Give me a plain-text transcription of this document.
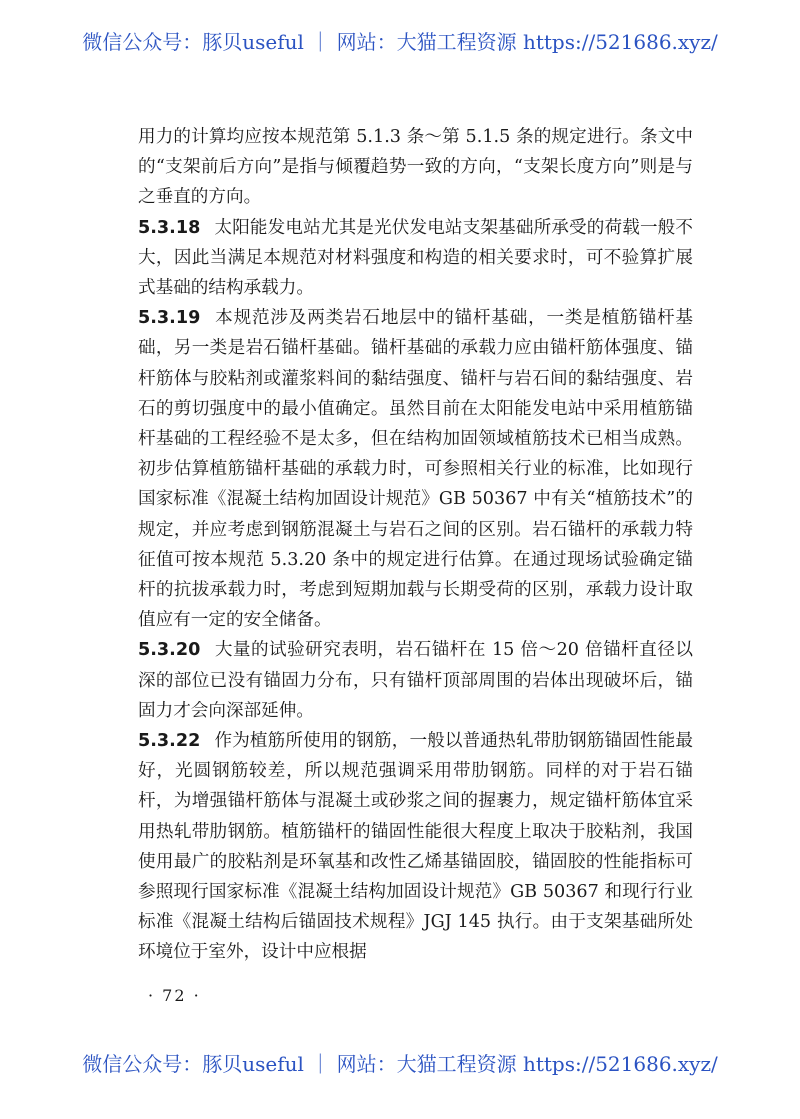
微信公众号：豚贝useful ｜ 网站：大猫工程资源 https://521686.xyz/

用力的计算均应按本规范第 5.1.3 条～第 5.1.5 条的规定进行。条文中的“支架前后方向”是指与倾覆趋势一致的方向，“支架长度方向”则是与之垂直的方向。

5.3.18 太阳能发电站尤其是光伏发电站支架基础所承受的荷载一般不大，因此当满足本规范对材料强度和构造的相关要求时，可不验算扩展式基础的结构承载力。

5.3.19 本规范涉及两类岩石地层中的锚杆基础，一类是植筋锚杆基础，另一类是岩石锚杆基础。锚杆基础的承载力应由锚杆筋体强度、锚杆筋体与胶粘剂或灌浆料间的黏结强度、锚杆与岩石间的黏结强度、岩石的剪切强度中的最小值确定。虽然目前在太阳能发电站中采用植筋锚杆基础的工程经验不是太多，但在结构加固领域植筋技术已相当成熟。初步估算植筋锚杆基础的承载力时，可参照相关行业的标准，比如现行国家标准《混凝土结构加固设计规范》GB 50367 中有关“植筋技术”的规定，并应考虑到钢筋混凝土与岩石之间的区别。岩石锚杆的承载力特征值可按本规范 5.3.20 条中的规定进行估算。在通过现场试验确定锚杆的抗拔承载力时，考虑到短期加载与长期受荷的区别，承载力设计取值应有一定的安全储备。

5.3.20 大量的试验研究表明，岩石锚杆在 15 倍～20 倍锚杆直径以深的部位已没有锚固力分布，只有锚杆顶部周围的岩体出现破坏后，锚固力才会向深部延伸。

5.3.22 作为植筋所使用的钢筋，一般以普通热轧带肋钢筋锚固性能最好，光圆钢筋较差，所以规范强调采用带肋钢筋。同样的对于岩石锚杆，为增强锚杆筋体与混凝土或砂浆之间的握裹力，规定锚杆筋体宜采用热轧带肋钢筋。植筋锚杆的锚固性能很大程度上取决于胶粘剂，我国使用最广的胶粘剂是环氧基和改性乙烯基锚固胶，锚固胶的性能指标可参照现行国家标准《混凝土结构加固设计规范》GB 50367 和现行行业标准《混凝土结构后锚固技术规程》JGJ 145 执行。由于支架基础所处环境位于室外，设计中应根据

· 72 ·
微信公众号：豚贝useful ｜ 网站：大猫工程资源 https://521686.xyz/
